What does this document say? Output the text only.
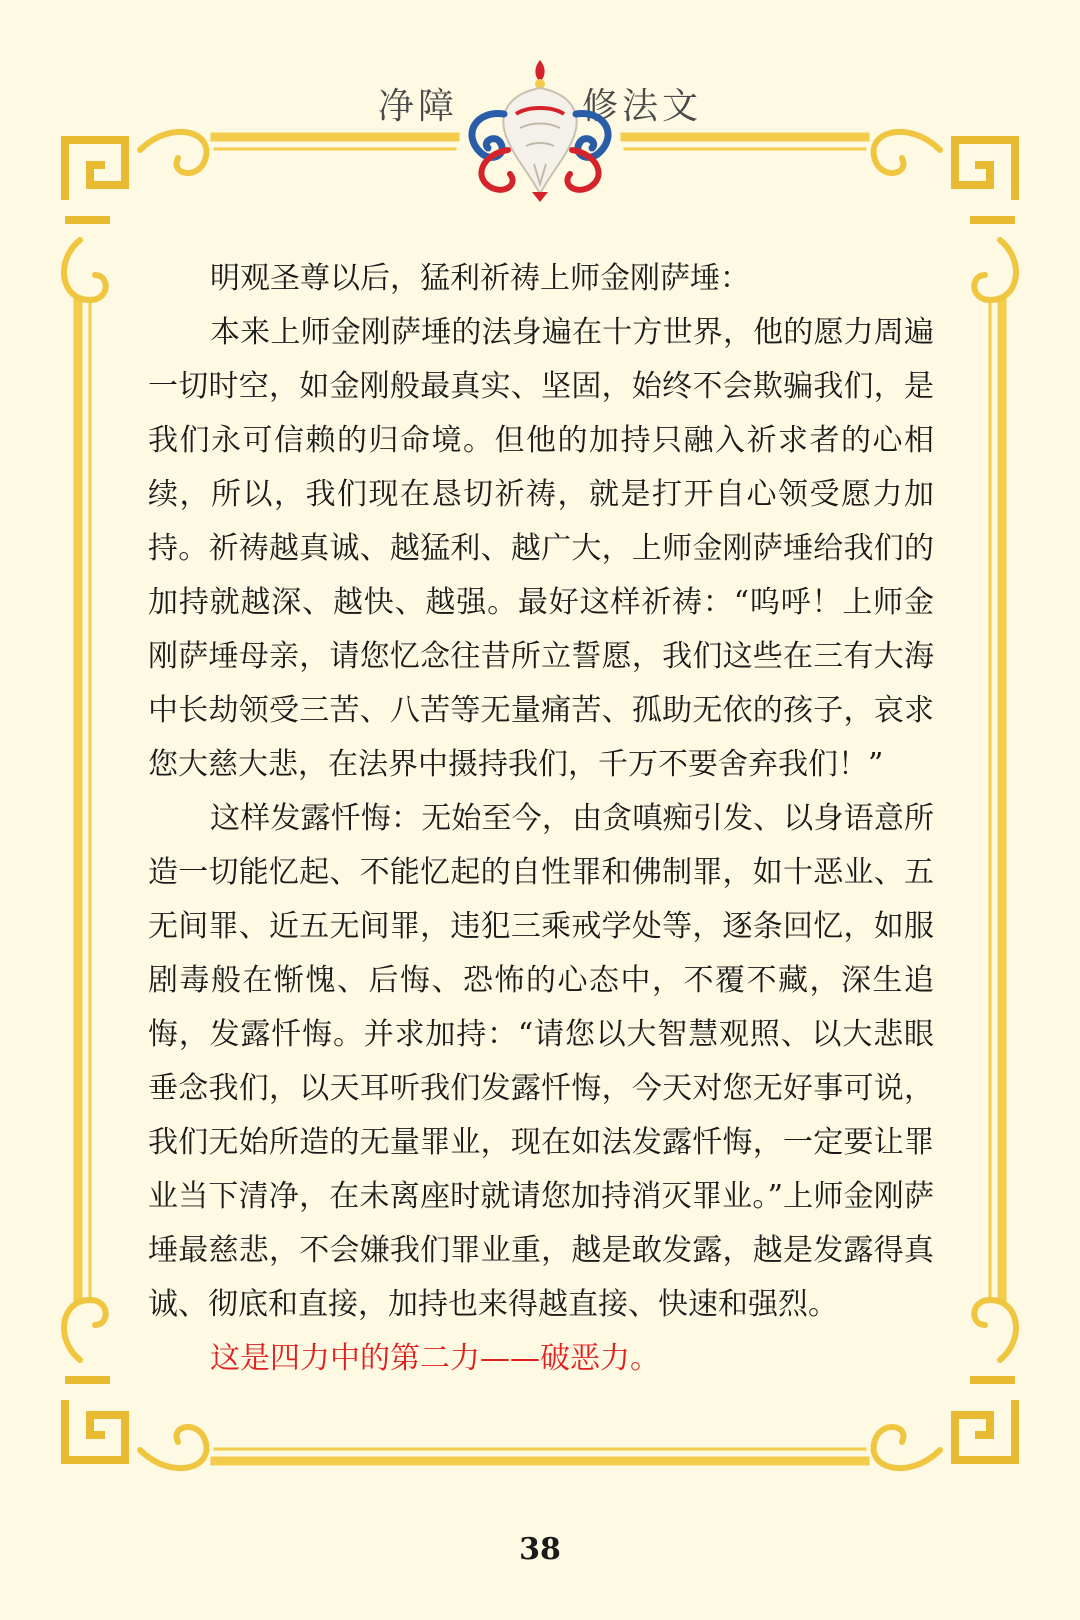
净障	修法文

明观圣尊以后，猛利祈祷上师金刚萨埵：

本来上师金刚萨埵的法身遍在十方世界，他的愿力周遍一切时空，如金刚般最真实、坚固，始终不会欺骗我们，是我们永可信赖的归命境。但他的加持只融入祈求者的心相续，所以，我们现在恳切祈祷，就是打开自心领受愿力加持。祈祷越真诚、越猛利、越广大，上师金刚萨埵给我们的加持就越深、越快、越强。最好这样祈祷：“呜呼！上师金刚萨埵母亲，请您忆念往昔所立誓愿，我们这些在三有大海中长劫领受三苦、八苦等无量痛苦、孤助无依的孩子，哀求您大慈大悲，在法界中摄持我们，千万不要舍弃我们！”

这样发露忏悔：无始至今，由贪嗔痴引发、以身语意所造一切能忆起、不能忆起的自性罪和佛制罪，如十恶业、五无间罪、近五无间罪，违犯三乘戒学处等，逐条回忆，如服剧毒般在惭愧、后悔、恐怖的心态中，不覆不藏，深生追悔，发露忏悔。并求加持：“请您以大智慧观照、以大悲眼垂念我们，以天耳听我们发露忏悔，今天对您无好事可说，我们无始所造的无量罪业，现在如法发露忏悔，一定要让罪业当下清净，在未离座时就请您加持消灭罪业。”上师金刚萨埵最慈悲，不会嫌我们罪业重，越是敢发露，越是发露得真诚、彻底和直接，加持也来得越直接、快速和强烈。

这是四力中的第二力——破恶力。

38
